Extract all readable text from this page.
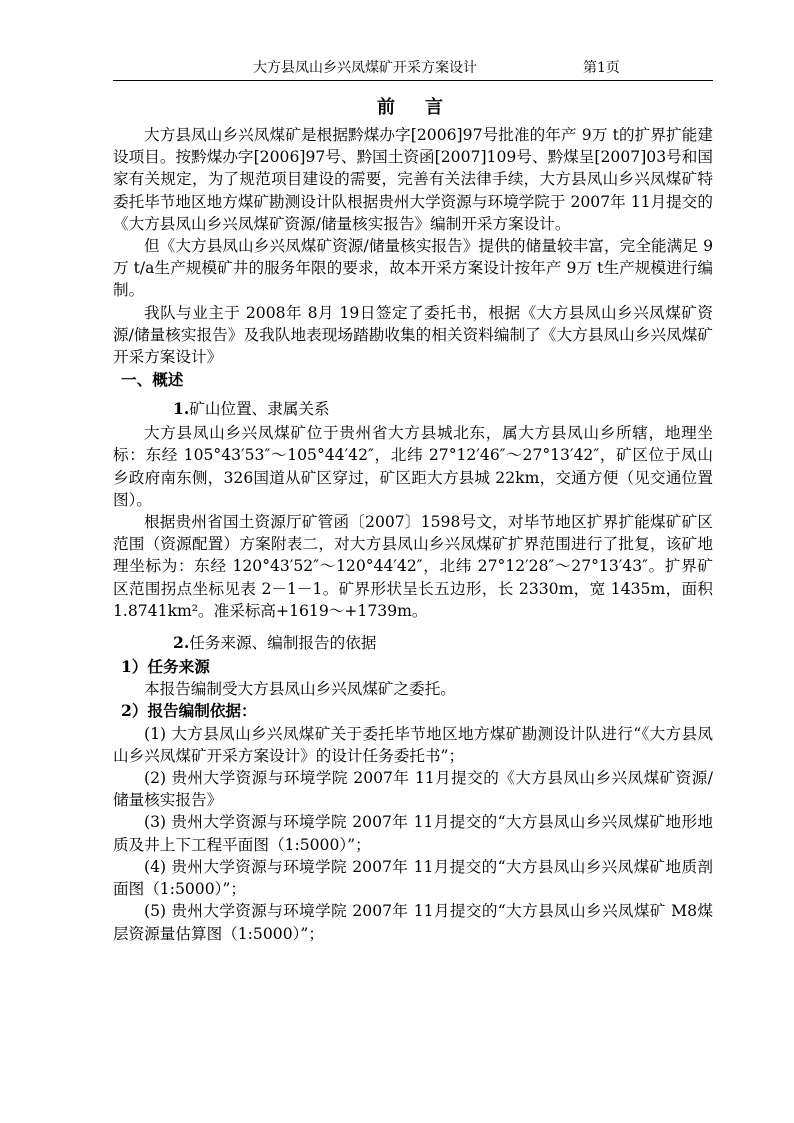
大方县凤山乡兴凤煤矿开采方案设计	第1页
前　言

大方县凤山乡兴凤煤矿是根据黔煤办字[2006]97号批准的年产 9万 t的扩界扩能建设项目。按黔煤办字[2006]97号、黔国土资函[2007]109号、黔煤呈[2007]03号和国家有关规定，为了规范项目建设的需要，完善有关法律手续，大方县凤山乡兴凤煤矿特委托毕节地区地方煤矿勘测设计队根据贵州大学资源与环境学院于 2007年 11月提交的《大方县凤山乡兴凤煤矿资源/储量核实报告》编制开采方案设计。

但《大方县凤山乡兴凤煤矿资源/储量核实报告》提供的储量较丰富，完全能满足 9万 t/a生产规模矿井的服务年限的要求，故本开采方案设计按年产 9万 t生产规模进行编制。

我队与业主于 2008年 8月 19日签定了委托书，根据《大方县凤山乡兴凤煤矿资源/储量核实报告》及我队地表现场踏勘收集的相关资料编制了《大方县凤山乡兴凤煤矿开采方案设计》

一、概述
1.矿山位置、隶属关系

大方县凤山乡兴凤煤矿位于贵州省大方县城北东，属大方县凤山乡所辖，地理坐标：东经 105°43′53″～105°44′42″，北纬 27°12′46″～27°13′42″，矿区位于凤山乡政府南东侧，326国道从矿区穿过，矿区距大方县城 22km，交通方便（见交通位置图）。

根据贵州省国土资源厅矿管函〔2007〕1598号文，对毕节地区扩界扩能煤矿矿区范围（资源配置）方案附表二，对大方县凤山乡兴凤煤矿扩界范围进行了批复，该矿地理坐标为：东经 120°43′52″～120°44′42″，北纬 27°12′28″～27°13′43″。扩界矿区范围拐点坐标见表 2－1－1。矿界形状呈长五边形，长 2330m，宽 1435m，面积 1.8741km²。准采标高+1619～+1739m。

2.任务来源、编制报告的依据
1）任务来源

本报告编制受大方县凤山乡兴凤煤矿之委托。

2）报告编制依据：

(1) 大方县凤山乡兴凤煤矿关于委托毕节地区地方煤矿勘测设计队进行“《大方县凤山乡兴凤煤矿开采方案设计》的设计任务委托书”；

(2) 贵州大学资源与环境学院 2007年 11月提交的《大方县凤山乡兴凤煤矿资源/储量核实报告》

(3) 贵州大学资源与环境学院 2007年 11月提交的“大方县凤山乡兴凤煤矿地形地质及井上下工程平面图（1:5000）”；

(4) 贵州大学资源与环境学院 2007年 11月提交的“大方县凤山乡兴凤煤矿地质剖面图（1:5000）”；

(5) 贵州大学资源与环境学院 2007年 11月提交的“大方县凤山乡兴凤煤矿 M8煤层资源量估算图（1:5000）”；
